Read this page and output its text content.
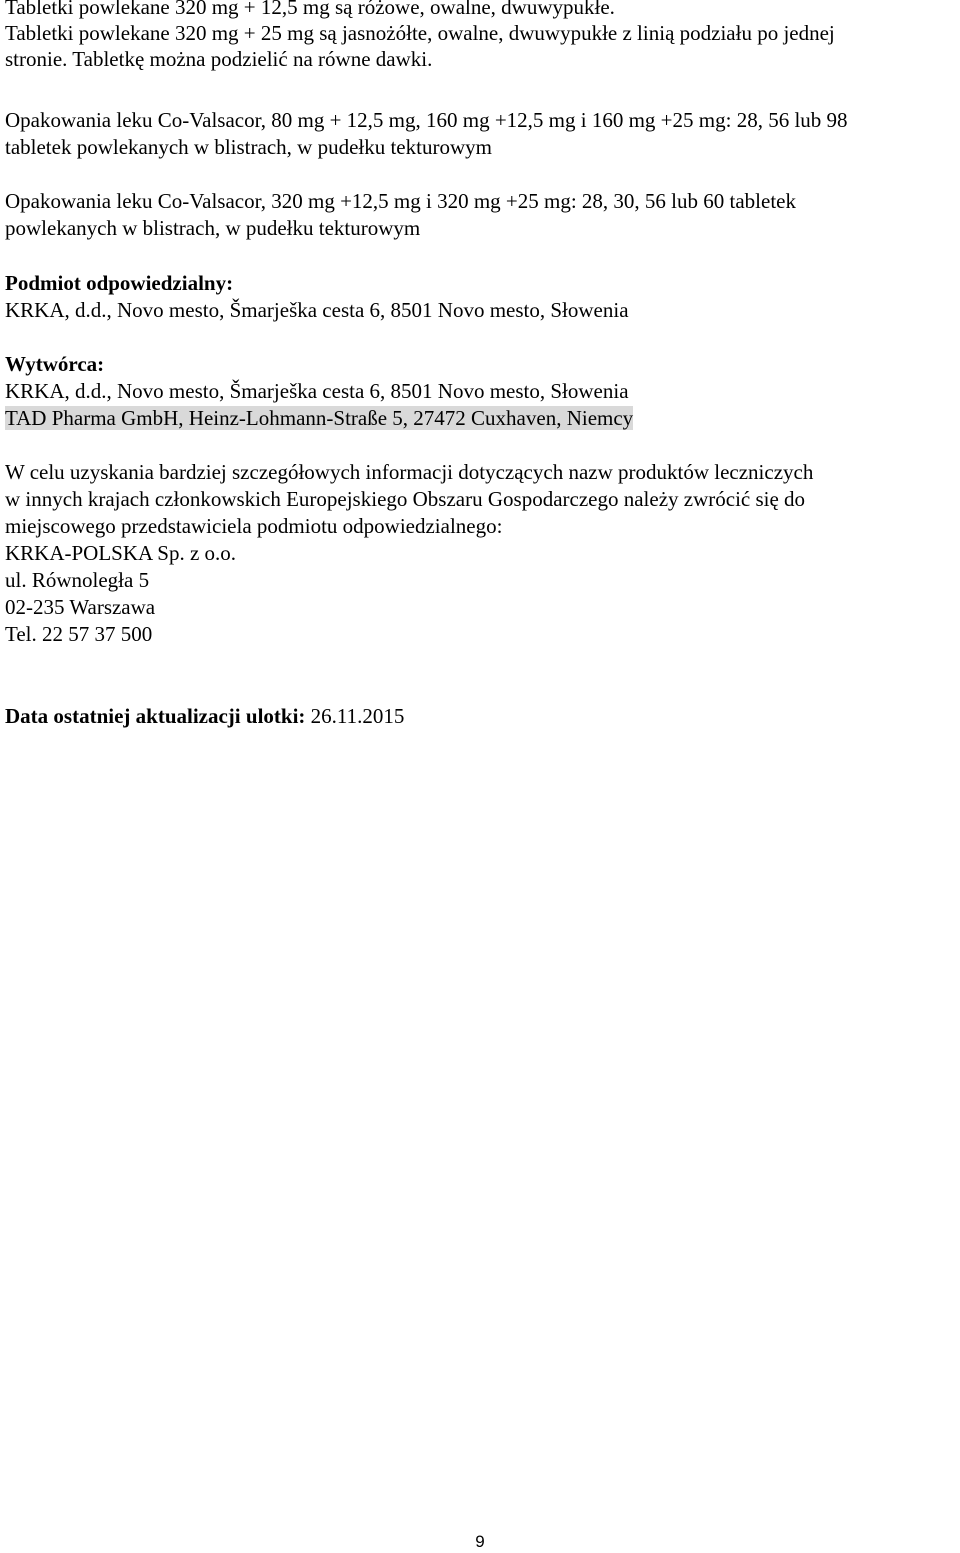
Tabletki powlekane 320 mg + 12,5 mg są różowe, owalne, dwuwypukłe.
Tabletki powlekane 320 mg + 25 mg są jasnożółte, owalne, dwuwypukłe z linią podziału po jednej
stronie. Tabletkę można podzielić na równe dawki.
Opakowania leku Co-Valsacor, 80 mg + 12,5 mg, 160 mg +12,5 mg i 160 mg +25 mg: 28, 56 lub 98
tabletek powlekanych w blistrach, w pudełku tekturowym
Opakowania leku Co-Valsacor, 320 mg +12,5 mg i 320 mg +25 mg: 28, 30, 56 lub 60 tabletek
powlekanych w blistrach, w pudełku tekturowym
Podmiot odpowiedzialny:
KRKA, d.d., Novo mesto, Šmarješka cesta 6, 8501 Novo mesto, Słowenia
Wytwórca:
KRKA, d.d., Novo mesto, Šmarješka cesta 6, 8501 Novo mesto, Słowenia
TAD Pharma GmbH, Heinz-Lohmann-Straße 5, 27472 Cuxhaven, Niemcy
W celu uzyskania bardziej szczegółowych informacji dotyczących nazw produktów leczniczych
w innych krajach członkowskich Europejskiego Obszaru Gospodarczego należy zwrócić się do
miejscowego przedstawiciela podmiotu odpowiedzialnego:
KRKA-POLSKA Sp. z o.o.
ul. Równoległa 5
02-235 Warszawa
Tel. 22 57 37 500
Data ostatniej aktualizacji ulotki: 26.11.2015
9
